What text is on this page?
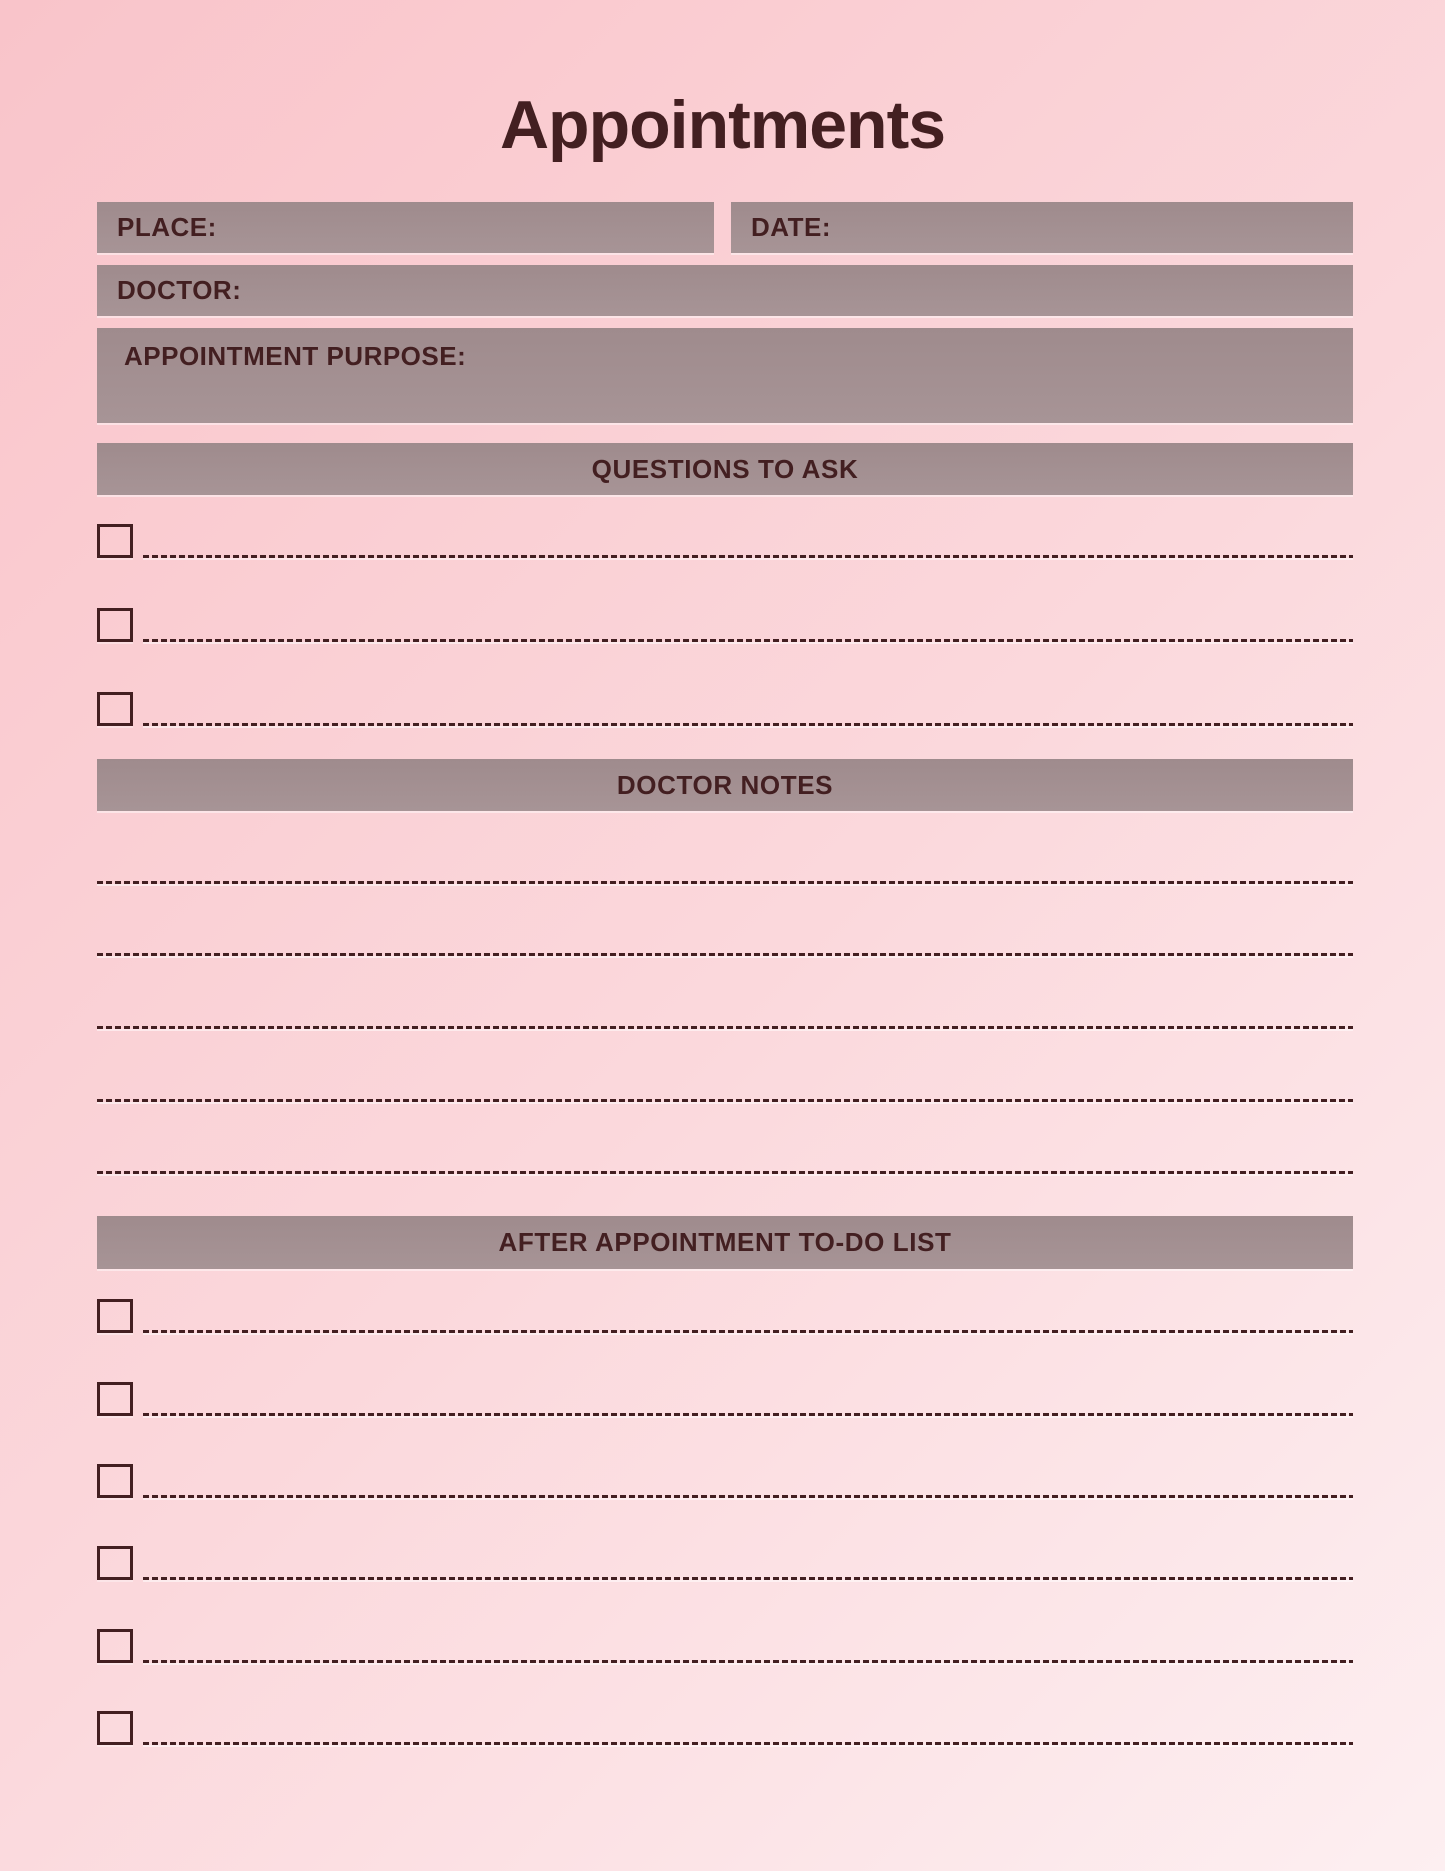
Appointments
PLACE:	DATE:
DOCTOR:
APPOINTMENT PURPOSE:
QUESTIONS TO ASK
DOCTOR NOTES
AFTER APPOINTMENT TO-DO LIST
